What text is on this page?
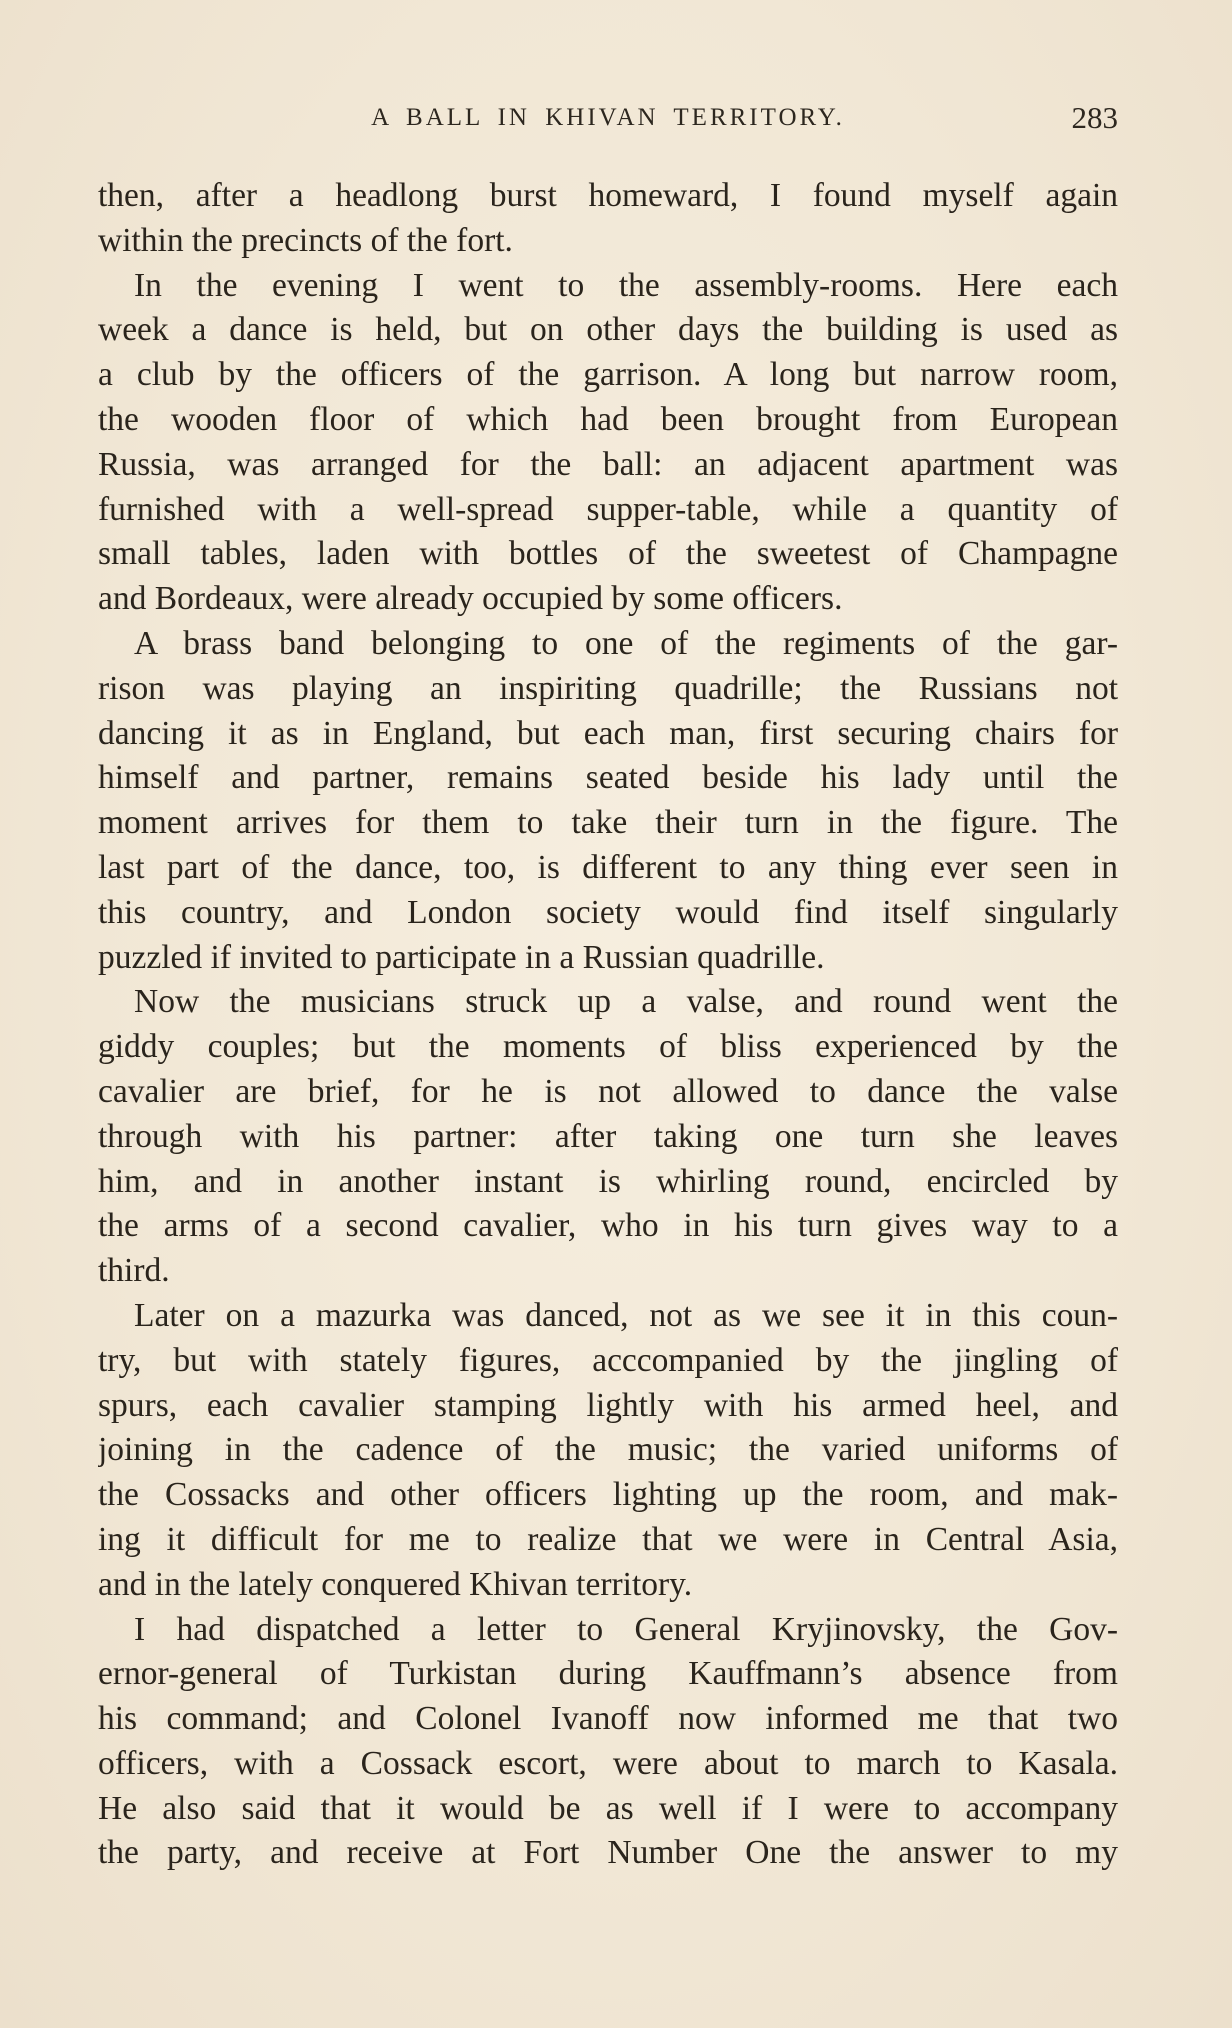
A BALL IN KHIVAN TERRITORY.	283
then, after a headlong burst homeward, I found myself again
within the precincts of the fort.
In the evening I went to the assembly-rooms. Here each
week a dance is held, but on other days the building is used as
a club by the officers of the garrison. A long but narrow room,
the wooden floor of which had been brought from European
Russia, was arranged for the ball: an adjacent apartment was
furnished with a well-spread supper-table, while a quantity of
small tables, laden with bottles of the sweetest of Champagne
and Bordeaux, were already occupied by some officers.
A brass band belonging to one of the regiments of the gar-
rison was playing an inspiriting quadrille; the Russians not
dancing it as in England, but each man, first securing chairs for
himself and partner, remains seated beside his lady until the
moment arrives for them to take their turn in the figure. The
last part of the dance, too, is different to any thing ever seen in
this country, and London society would find itself singularly
puzzled if invited to participate in a Russian quadrille.
Now the musicians struck up a valse, and round went the
giddy couples; but the moments of bliss experienced by the
cavalier are brief, for he is not allowed to dance the valse
through with his partner: after taking one turn she leaves
him, and in another instant is whirling round, encircled by
the arms of a second cavalier, who in his turn gives way to a
third.
Later on a mazurka was danced, not as we see it in this coun-
try, but with stately figures, acccompanied by the jingling of
spurs, each cavalier stamping lightly with his armed heel, and
joining in the cadence of the music; the varied uniforms of
the Cossacks and other officers lighting up the room, and mak-
ing it difficult for me to realize that we were in Central Asia,
and in the lately conquered Khivan territory.
I had dispatched a letter to General Kryjinovsky, the Gov-
ernor-general of Turkistan during Kauffmann’s absence from
his command; and Colonel Ivanoff now informed me that two
officers, with a Cossack escort, were about to march to Kasala.
He also said that it would be as well if I were to accompany
the party, and receive at Fort Number One the answer to my
